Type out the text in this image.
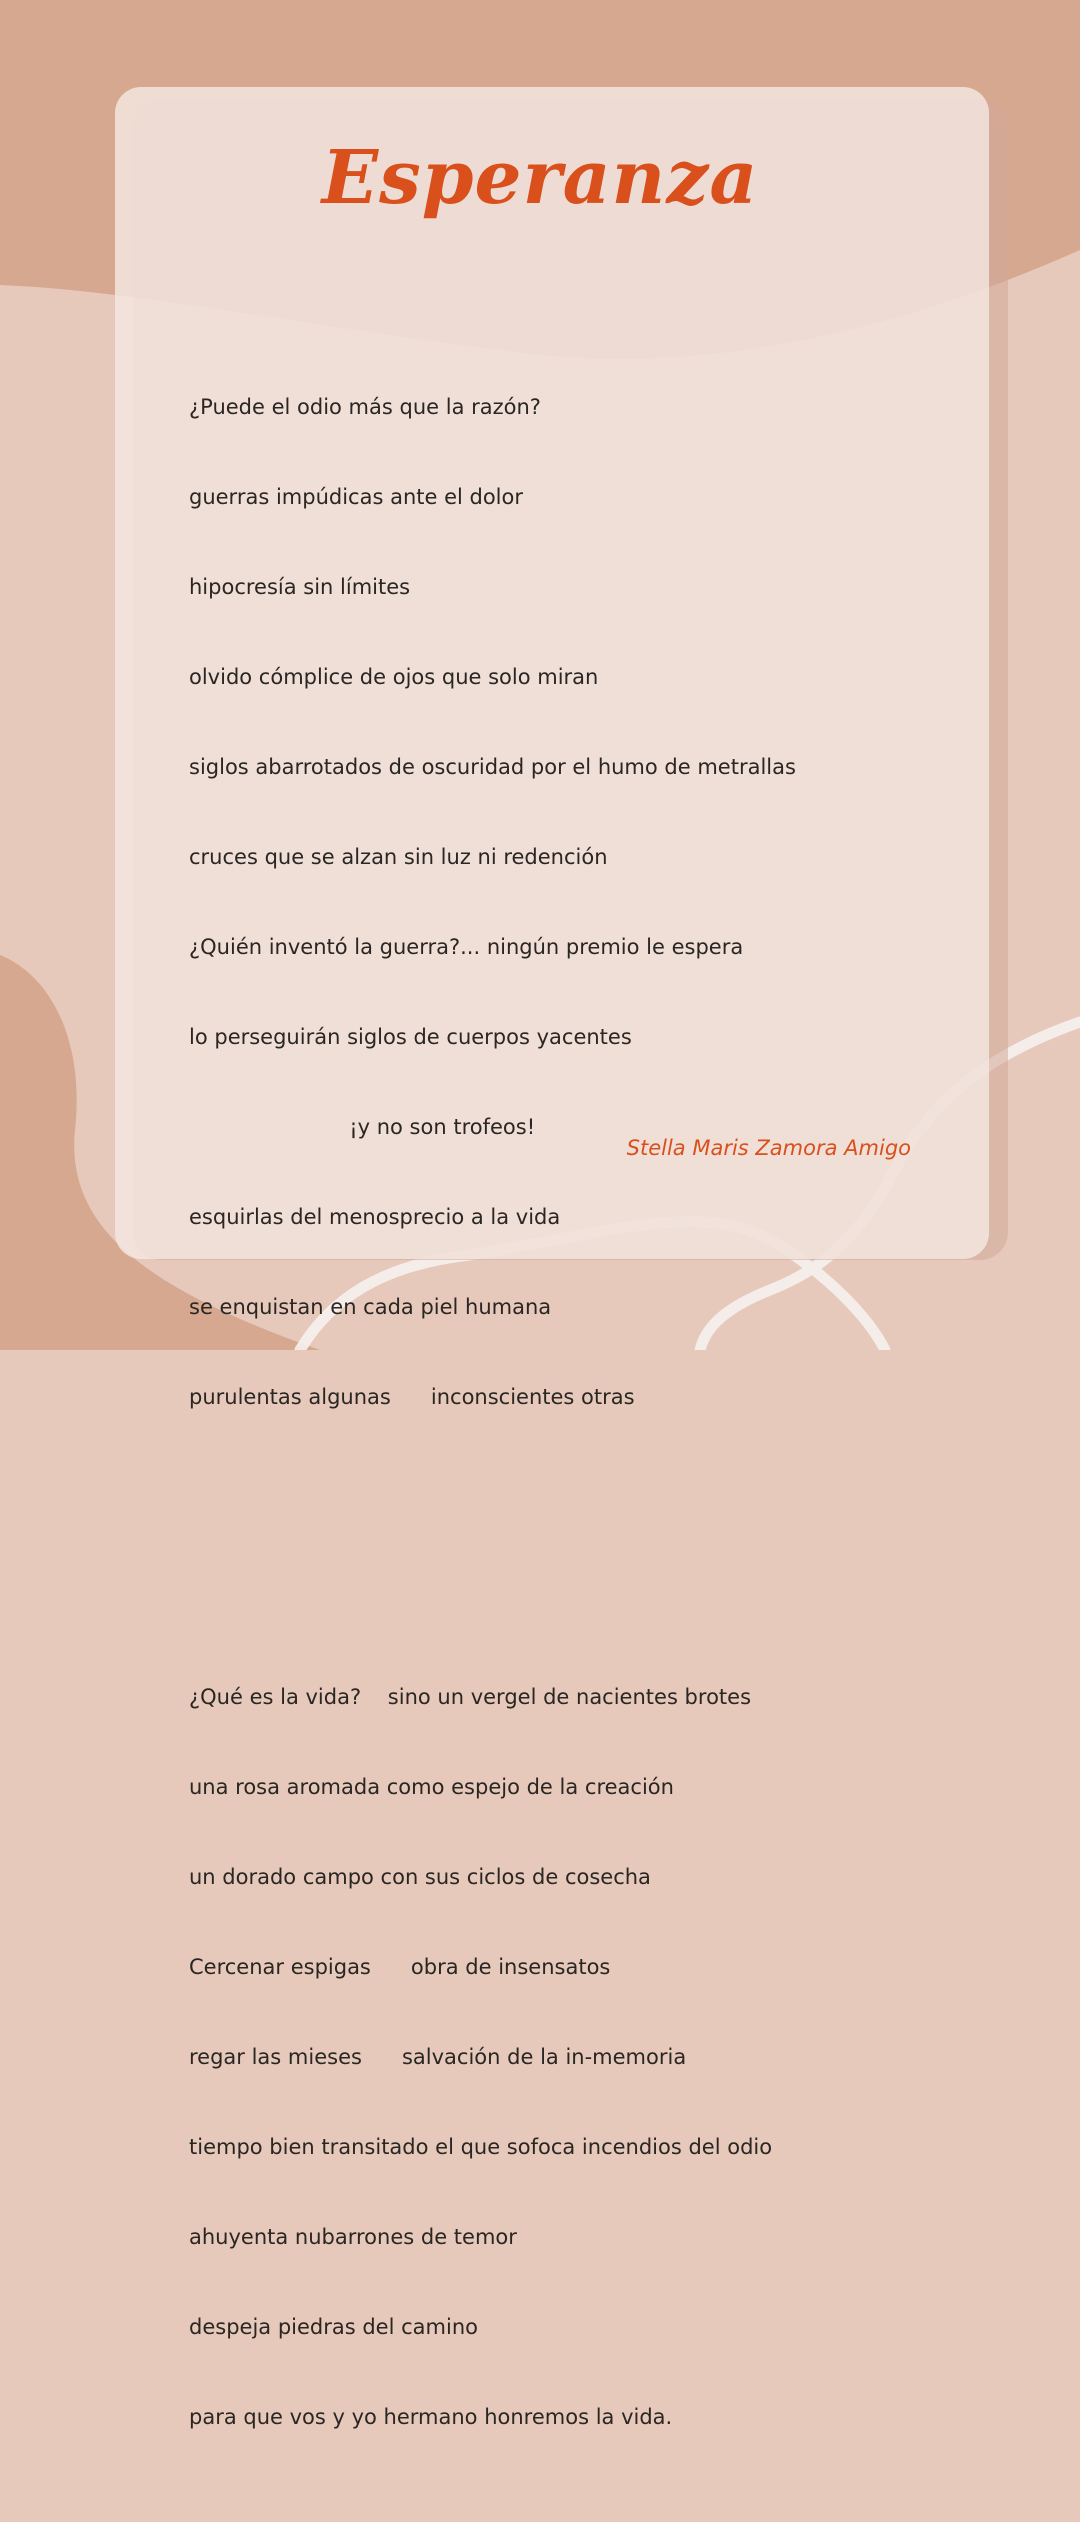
Esperanza

¿Puede el odio más que la razón?

guerras impúdicas ante el dolor

hipocresía sin límites

olvido cómplice de ojos que solo miran

siglos abarrotados de oscuridad por el humo de metrallas

cruces que se alzan sin luz ni redención

¿Quién inventó la guerra?... ningún premio le espera

lo perseguirán siglos de cuerpos yacentes

¡y no son trofeos!

esquirlas del menosprecio a la vida

se enquistan en cada piel humana

purulentas algunas      inconscientes otras

¿Qué es la vida?    sino un vergel de nacientes brotes

una rosa aromada como espejo de la creación

un dorado campo con sus ciclos de cosecha

Cercenar espigas      obra de insensatos

regar las mieses      salvación de la in-memoria

tiempo bien transitado el que sofoca incendios del odio

ahuyenta nubarrones de temor

despeja piedras del camino

para que vos y yo hermano honremos la vida.

Stella Maris Zamora Amigo
